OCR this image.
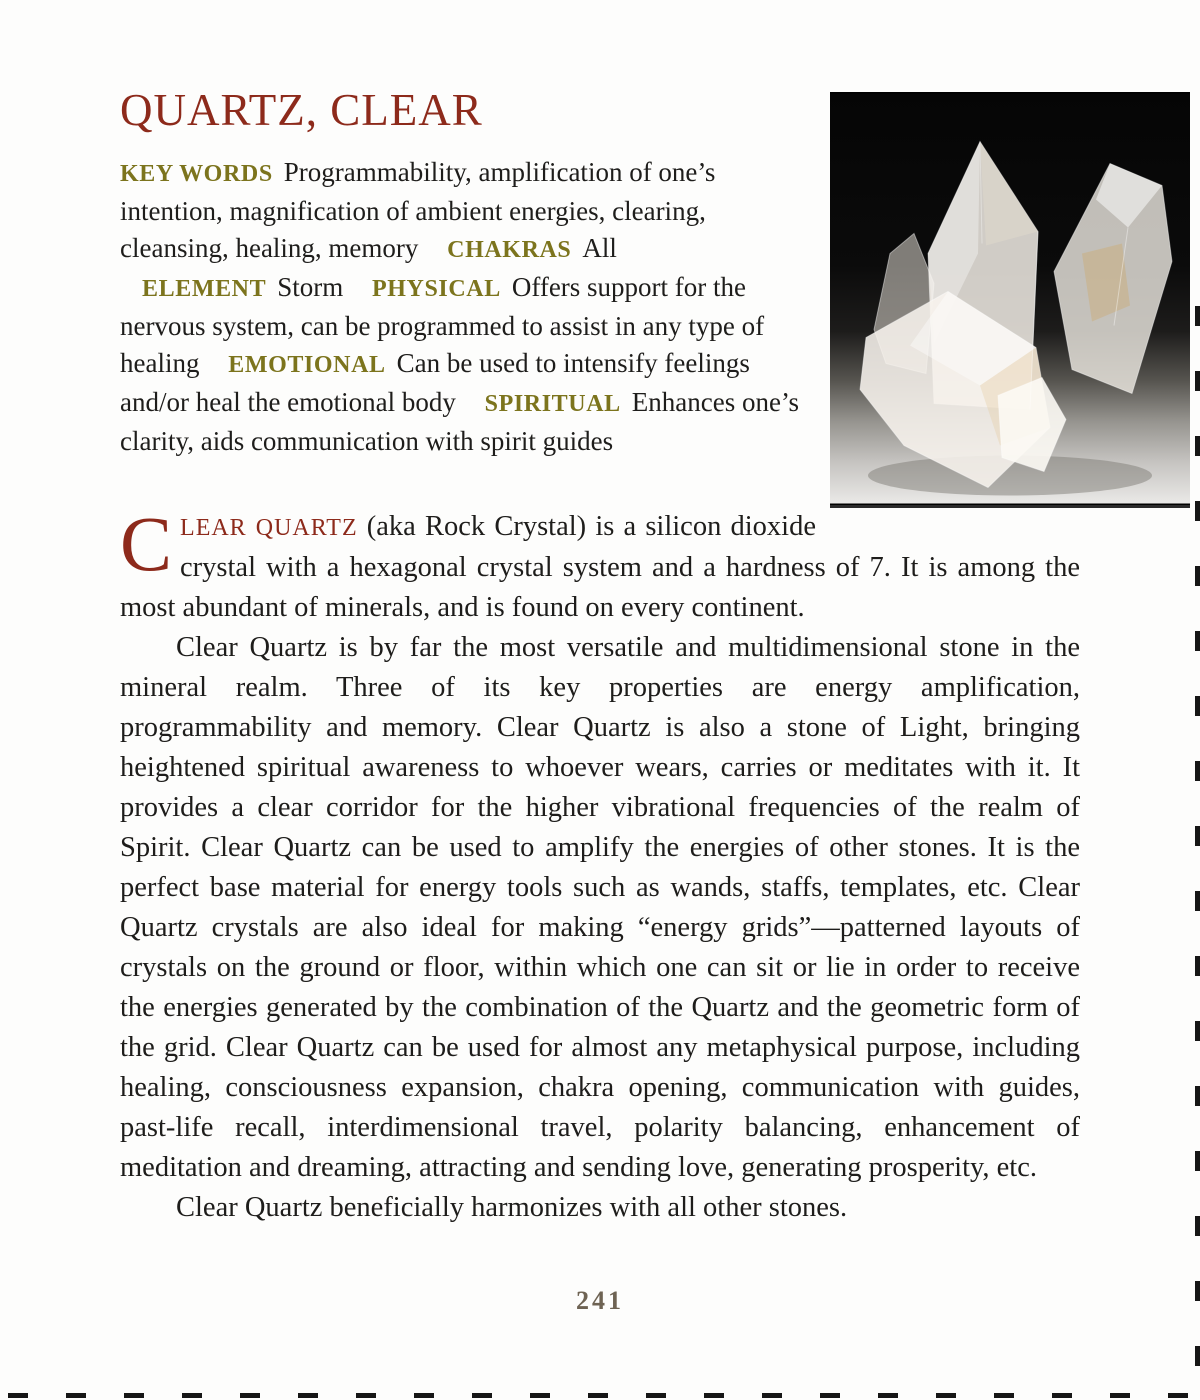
QUARTZ, CLEAR

KEY WORDS Programmability, amplification of one’s intention, magnification of ambient energies, clearing, cleansing, healing, memory CHAKRAS All ELEMENT Storm PHYSICAL Offers support for the nervous system, can be programmed to assist in any type of healing EMOTIONAL Can be used to intensify feelings and/or heal the emotional body SPIRITUAL Enhances one’s clarity, aids communication with spirit guides

CLEAR QUARTZ (aka Rock Crystal) is a silicon dioxide crystal with a hexagonal crystal system and a hardness of 7. It is among the most abundant of minerals, and is found on every continent.

Clear Quartz is by far the most versatile and multidimensional stone in the mineral realm. Three of its key properties are energy amplification, programmability and memory. Clear Quartz is also a stone of Light, bringing heightened spiritual awareness to whoever wears, carries or meditates with it. It provides a clear corridor for the higher vibrational frequencies of the realm of Spirit. Clear Quartz can be used to amplify the energies of other stones. It is the perfect base material for energy tools such as wands, staffs, templates, etc. Clear Quartz crystals are also ideal for making “energy grids”—patterned layouts of crystals on the ground or floor, within which one can sit or lie in order to receive the energies generated by the combination of the Quartz and the geometric form of the grid. Clear Quartz can be used for almost any metaphysical purpose, including healing, consciousness expansion, chakra opening, communication with guides, past-life recall, interdimensional travel, polarity balancing, enhancement of meditation and dreaming, attracting and sending love, generating prosperity, etc.

Clear Quartz beneficially harmonizes with all other stones.

241
